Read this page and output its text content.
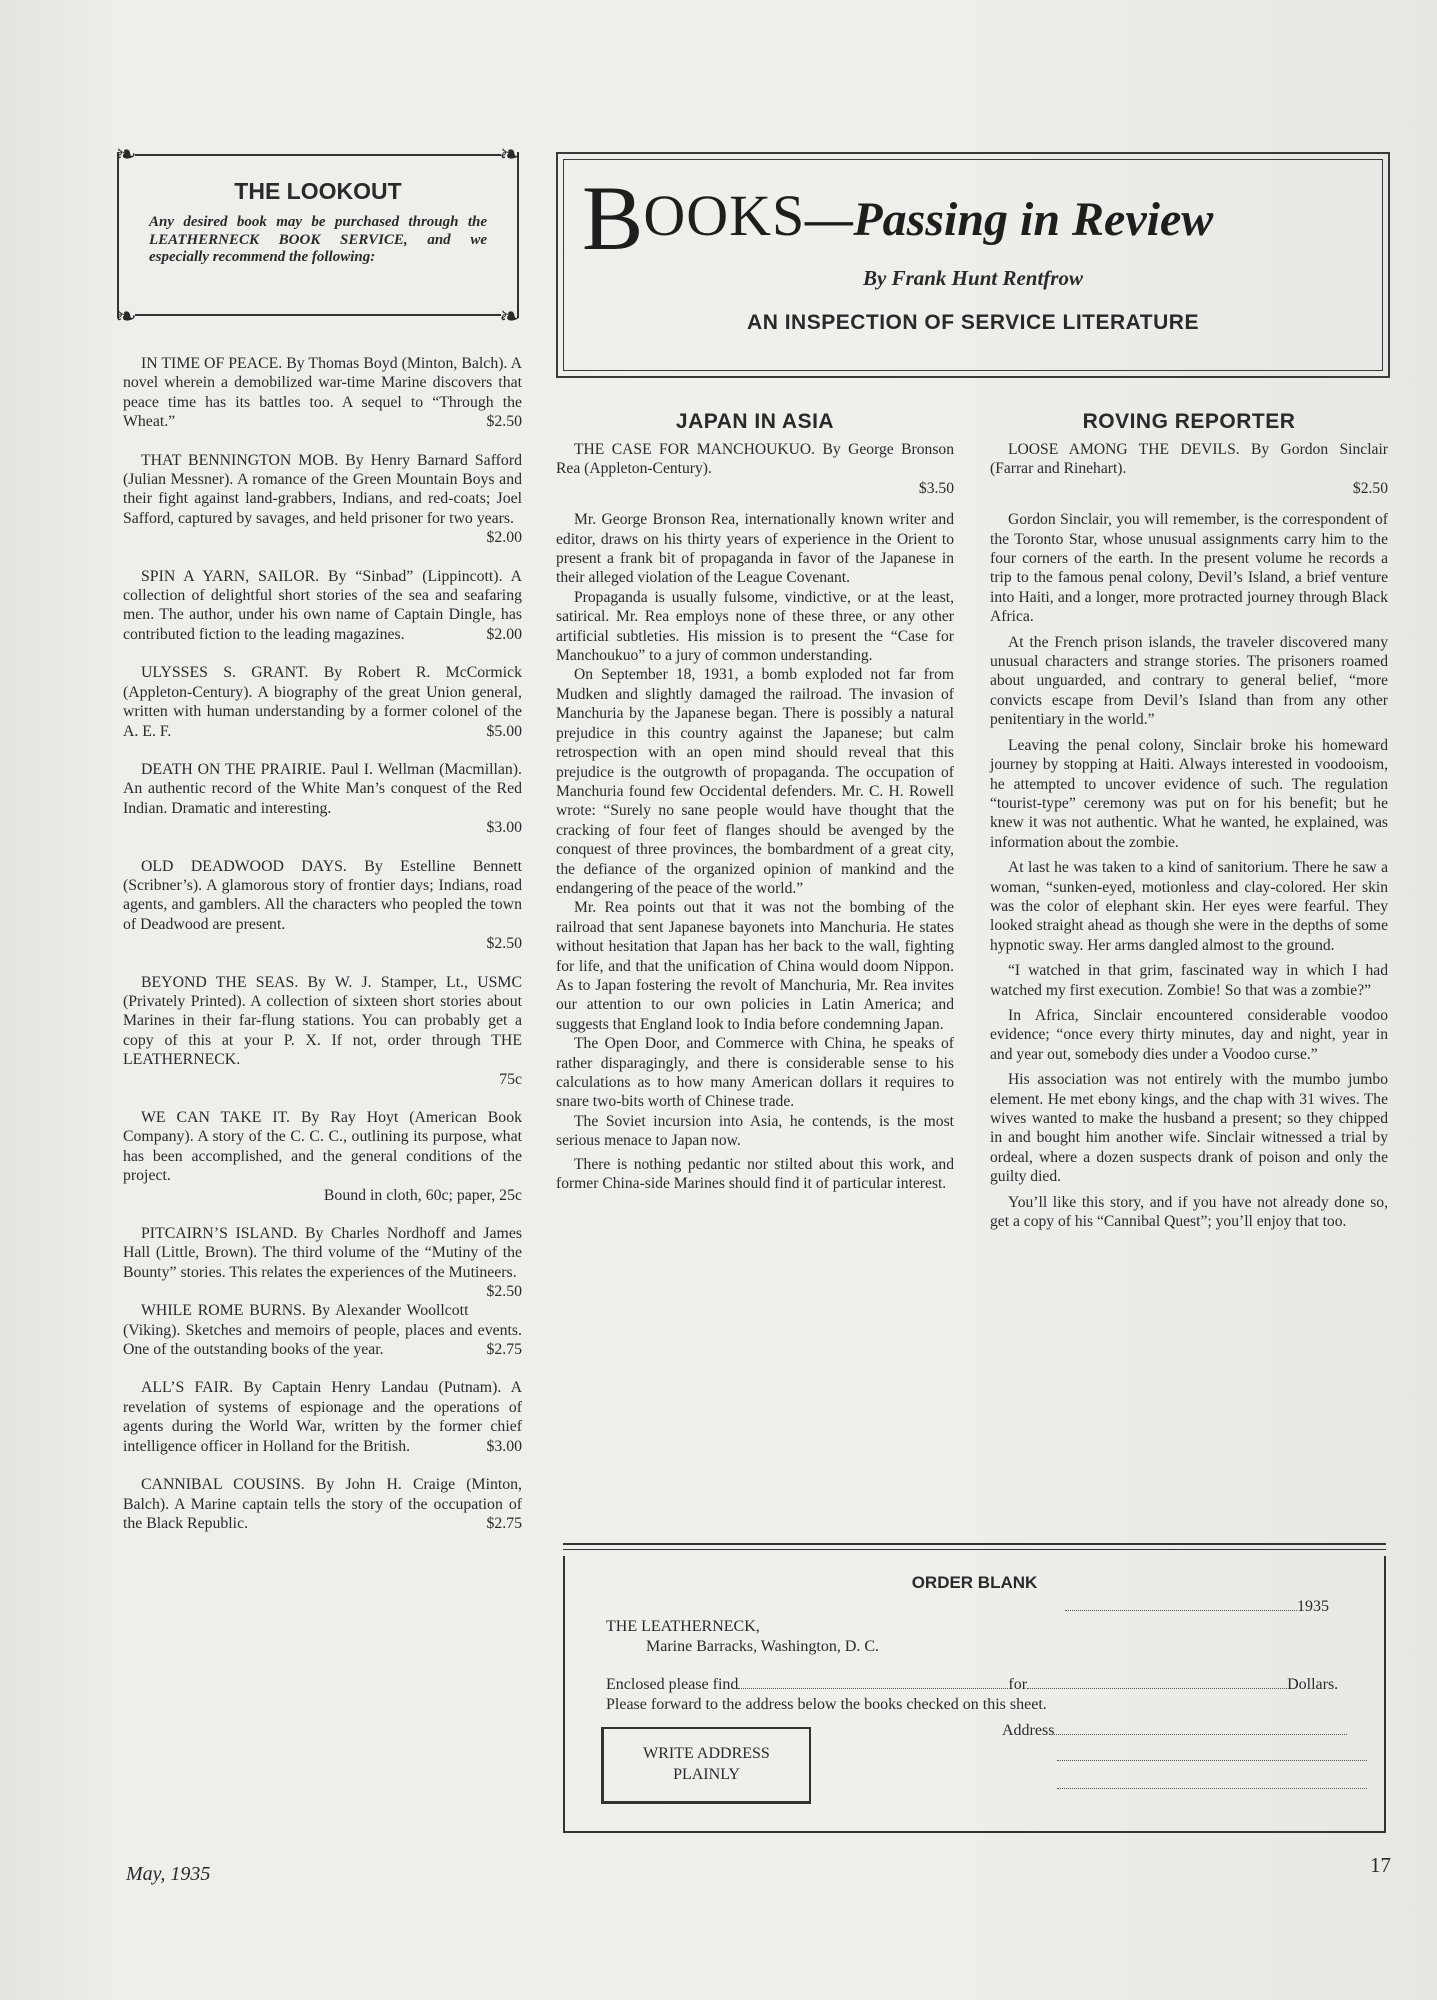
❧	❧
❧	❧
THE LOOKOUT
Any desired book may be purchased through the LEATHERNECK BOOK SERVICE, and we especially recommend the following:

IN TIME OF PEACE. By Thomas Boyd (Minton, Balch). A novel wherein a demobilized war-time Marine discovers that peace time has its battles too. A sequel to “Through the Wheat.”	$2.50

THAT BENNINGTON MOB. By Henry Barnard Safford (Julian Messner). A romance of the Green Mountain Boys and their fight against land-grabbers, Indians, and red-coats; Joel Safford, captured by savages, and held prisoner for two years.
$2.00

SPIN A YARN, SAILOR. By “Sinbad” (Lippincott). A collection of delightful short stories of the sea and seafaring men. The author, under his own name of Captain Dingle, has contributed fiction to the leading magazines.	$2.00

ULYSSES S. GRANT. By Robert R. McCormick (Appleton-Century). A biography of the great Union general, written with human understanding by a former colonel of the A. E. F.	$5.00

DEATH ON THE PRAIRIE. Paul I. Wellman (Macmillan). An authentic record of the White Man’s conquest of the Red Indian. Dramatic and interesting.
$3.00

OLD DEADWOOD DAYS. By Estelline Bennett (Scribner’s). A glamorous story of frontier days; Indians, road agents, and gamblers. All the characters who peopled the town of Deadwood are present.
$2.50

BEYOND THE SEAS. By W. J. Stamper, Lt., USMC (Privately Printed). A collection of sixteen short stories about Marines in their far-flung stations. You can probably get a copy of this at your P. X. If not, order through THE LEATHERNECK.
75c

WE CAN TAKE IT. By Ray Hoyt (American Book Company). A story of the C. C. C., outlining its purpose, what has been accomplished, and the general conditions of the project.
Bound in cloth, 60c; paper, 25c

PITCAIRN’S ISLAND. By Charles Nordhoff and James Hall (Little, Brown). The third volume of the “Mutiny of the Bounty” stories. This relates the experiences of the Mutineers.
$2.50

WHILE ROME BURNS. By Alexander Woollcott (Viking). Sketches and memoirs of people, places and events. One of the outstanding books of the year.	$2.75

ALL’S FAIR. By Captain Henry Landau (Putnam). A revelation of systems of espionage and the operations of agents during the World War, written by the former chief intelligence officer in Holland for the British.	$3.00

CANNIBAL COUSINS. By John H. Craige (Minton, Balch). A Marine captain tells the story of the occupation of the Black Republic.	$2.75

BOOKS—Passing in Review
By Frank Hunt Rentfrow
AN INSPECTION OF SERVICE LITERATURE
JAPAN IN ASIA

THE CASE FOR MANCHOUKUO. By George Bronson Rea (Appleton-Century).

$3.50

Mr. George Bronson Rea, internationally known writer and editor, draws on his thirty years of experience in the Orient to present a frank bit of propaganda in favor of the Japanese in their alleged violation of the League Covenant.

Propaganda is usually fulsome, vindictive, or at the least, satirical. Mr. Rea employs none of these three, or any other artificial subtleties. His mission is to present the “Case for Manchoukuo” to a jury of common understanding.

On September 18, 1931, a bomb exploded not far from Mudken and slightly damaged the railroad. The invasion of Manchuria by the Japanese began. There is possibly a natural prejudice in this country against the Japanese; but calm retrospection with an open mind should reveal that this prejudice is the outgrowth of propaganda. The occupation of Manchuria found few Occidental defenders. Mr. C. H. Rowell wrote: “Surely no sane people would have thought that the cracking of four feet of flanges should be avenged by the conquest of three provinces, the bombardment of a great city, the defiance of the organized opinion of mankind and the endangering of the peace of the world.”

Mr. Rea points out that it was not the bombing of the railroad that sent Japanese bayonets into Manchuria. He states without hesitation that Japan has her back to the wall, fighting for life, and that the unification of China would doom Nippon. As to Japan fostering the revolt of Manchuria, Mr. Rea invites our attention to our own policies in Latin America; and suggests that England look to India before condemning Japan.

The Open Door, and Commerce with China, he speaks of rather disparagingly, and there is considerable sense to his calculations as to how many American dollars it requires to snare two-bits worth of Chinese trade.

The Soviet incursion into Asia, he contends, is the most serious menace to Japan now.

There is nothing pedantic nor stilted about this work, and former China-side Marines should find it of particular interest.

ROVING REPORTER

LOOSE AMONG THE DEVILS. By Gordon Sinclair (Farrar and Rinehart).

$2.50

Gordon Sinclair, you will remember, is the correspondent of the Toronto Star, whose unusual assignments carry him to the four corners of the earth. In the present volume he records a trip to the famous penal colony, Devil’s Island, a brief venture into Haiti, and a longer, more protracted journey through Black Africa.

At the French prison islands, the traveler discovered many unusual characters and strange stories. The prisoners roamed about unguarded, and contrary to general belief, “more convicts escape from Devil’s Island than from any other penitentiary in the world.”

Leaving the penal colony, Sinclair broke his homeward journey by stopping at Haiti. Always interested in voodooism, he attempted to uncover evidence of such. The regulation “tourist-type” ceremony was put on for his benefit; but he knew it was not authentic. What he wanted, he explained, was information about the zombie.

At last he was taken to a kind of sanitorium. There he saw a woman, “sunken-eyed, motionless and clay-colored. Her skin was the color of elephant skin. Her eyes were fearful. They looked straight ahead as though she were in the depths of some hypnotic sway. Her arms dangled almost to the ground.

“I watched in that grim, fascinated way in which I had watched my first execution. Zombie! So that was a zombie?”

In Africa, Sinclair encountered considerable voodoo evidence; “once every thirty minutes, day and night, year in and year out, somebody dies under a Voodoo curse.”

His association was not entirely with the mumbo jumbo element. He met ebony kings, and the chap with 31 wives. The wives wanted to make the husband a present; so they chipped in and bought him another wife. Sinclair witnessed a trial by ordeal, where a dozen suspects drank of poison and only the guilty died.

You’ll like this story, and if you have not already done so, get a copy of his “Cannibal Quest”; you’ll enjoy that too.

ORDER BLANK
1935
THE LEATHERNECK,
Marine Barracks, Washington, D. C.
Enclosed please find	for	Dollars.
Please forward to the address below the books checked on this sheet.
Address
WRITE ADDRESS
PLAINLY
May, 1935	17
